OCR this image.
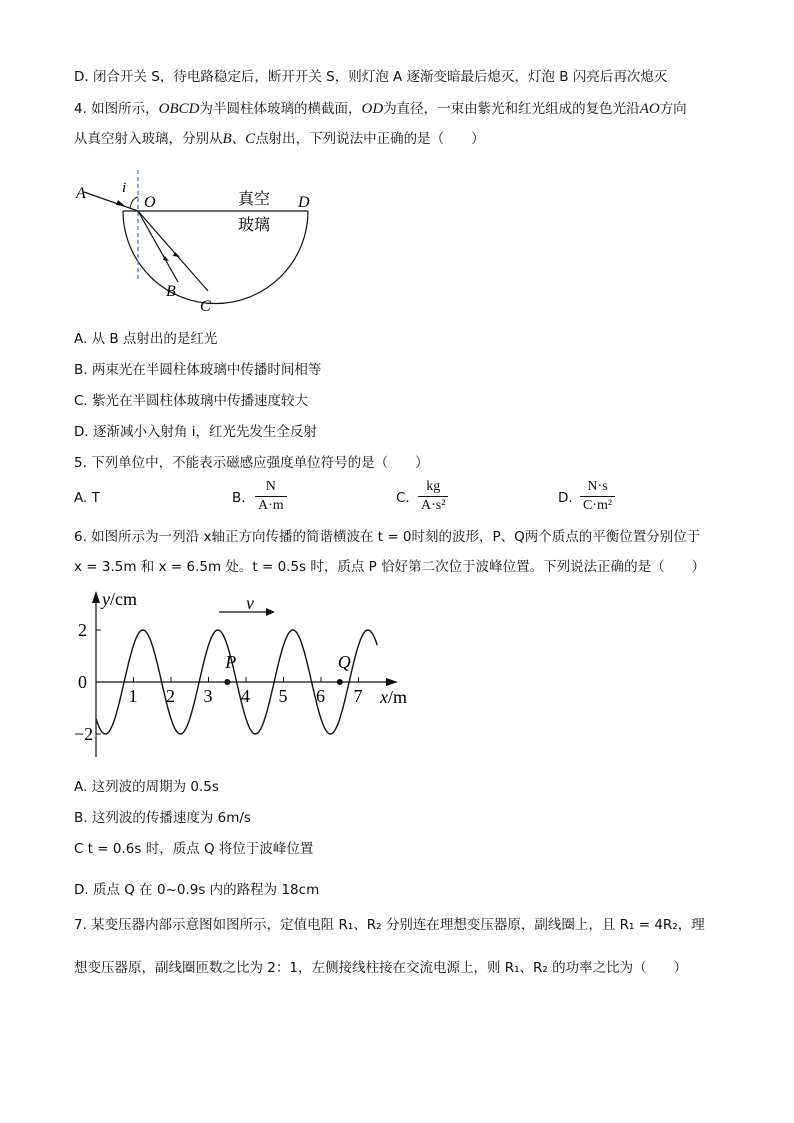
D. 闭合开关 S，待电路稳定后，断开开关 S，则灯泡 A 逐渐变暗最后熄灭，灯泡 B 闪亮后再次熄灭
4. 如图所示，OBCD为半圆柱体玻璃的横截面，OD为直径，一束由紫光和红光组成的复色光沿AO方向
从真空射入玻璃，分别从B、C点射出，下列说法中正确的是（　　）
A i
O	D
B
C
真空
玻璃
A. 从 B 点射出的是红光
B. 两束光在半圆柱体玻璃中传播时间相等
C. 紫光在半圆柱体玻璃中传播速度较大
D. 逐渐减小入射角 i，红光先发生全反射
5. 下列单位中，不能表示磁感应强度单位符号的是（　　）
A. T	B.
N
A·m	C.
kg
A·s²	D.
N·s
C·m²
6. 如图所示为一列沿 x轴正方向传播的简谐横波在 t = 0时刻的波形，P、Q两个质点的平衡位置分别位于
x = 3.5m 和 x = 6.5m 处。t = 0.5s 时，质点 P 恰好第二次位于波峰位置。下列说法正确的是（　　）
y/cm
x/m
v
2
0
−2
1 2 3 4 5 6 7
P	Q
A. 这列波的周期为 0.5s
B. 这列波的传播速度为 6m/s
C t = 0.6s 时，质点 Q 将位于波峰位置
D. 质点 Q 在 0~0.9s 内的路程为 18cm
7. 某变压器内部示意图如图所示，定值电阻 R₁、R₂ 分别连在理想变压器原，副线圈上，且 R₁ = 4R₂，理
想变压器原，副线圈匝数之比为 2：1，左侧接线柱接在交流电源上，则 R₁、R₂ 的功率之比为（　　）
